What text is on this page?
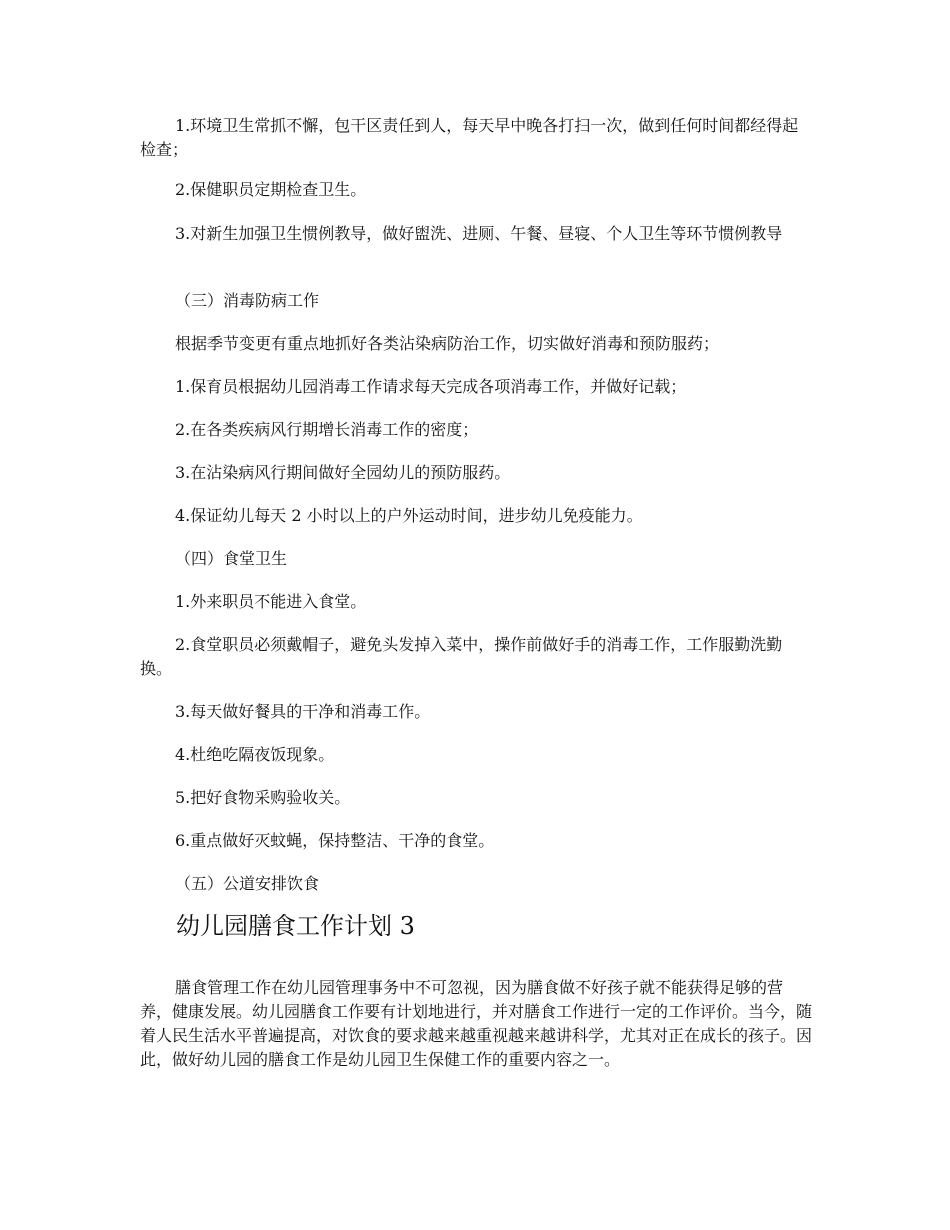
1.环境卫生常抓不懈，包干区责任到人，每天早中晚各打扫一次，做到任何时间都经得起检查；

2.保健职员定期检查卫生。

3.对新生加强卫生惯例教导，做好盥洗、进厕、午餐、昼寝、个人卫生等环节惯例教导

（三）消毒防病工作

根据季节变更有重点地抓好各类沾染病防治工作，切实做好消毒和预防服药；

1.保育员根据幼儿园消毒工作请求每天完成各项消毒工作，并做好记载；

2.在各类疾病风行期增长消毒工作的密度；

3.在沾染病风行期间做好全园幼儿的预防服药。

4.保证幼儿每天 2 小时以上的户外运动时间，进步幼儿免疫能力。

（四）食堂卫生

1.外来职员不能进入食堂。

2.食堂职员必须戴帽子，避免头发掉入菜中，操作前做好手的消毒工作，工作服勤洗勤换。

3.每天做好餐具的干净和消毒工作。

4.杜绝吃隔夜饭现象。

5.把好食物采购验收关。

6.重点做好灭蚊蝇，保持整洁、干净的食堂。

（五）公道安排饮食

幼儿园膳食工作计划 3

膳食管理工作在幼儿园管理事务中不可忽视，因为膳食做不好孩子就不能获得足够的营养，健康发展。幼儿园膳食工作要有计划地进行，并对膳食工作进行一定的工作评价。当今，随着人民生活水平普遍提高，对饮食的要求越来越重视越来越讲科学，尤其对正在成长的孩子。因此，做好幼儿园的膳食工作是幼儿园卫生保健工作的重要内容之一。
